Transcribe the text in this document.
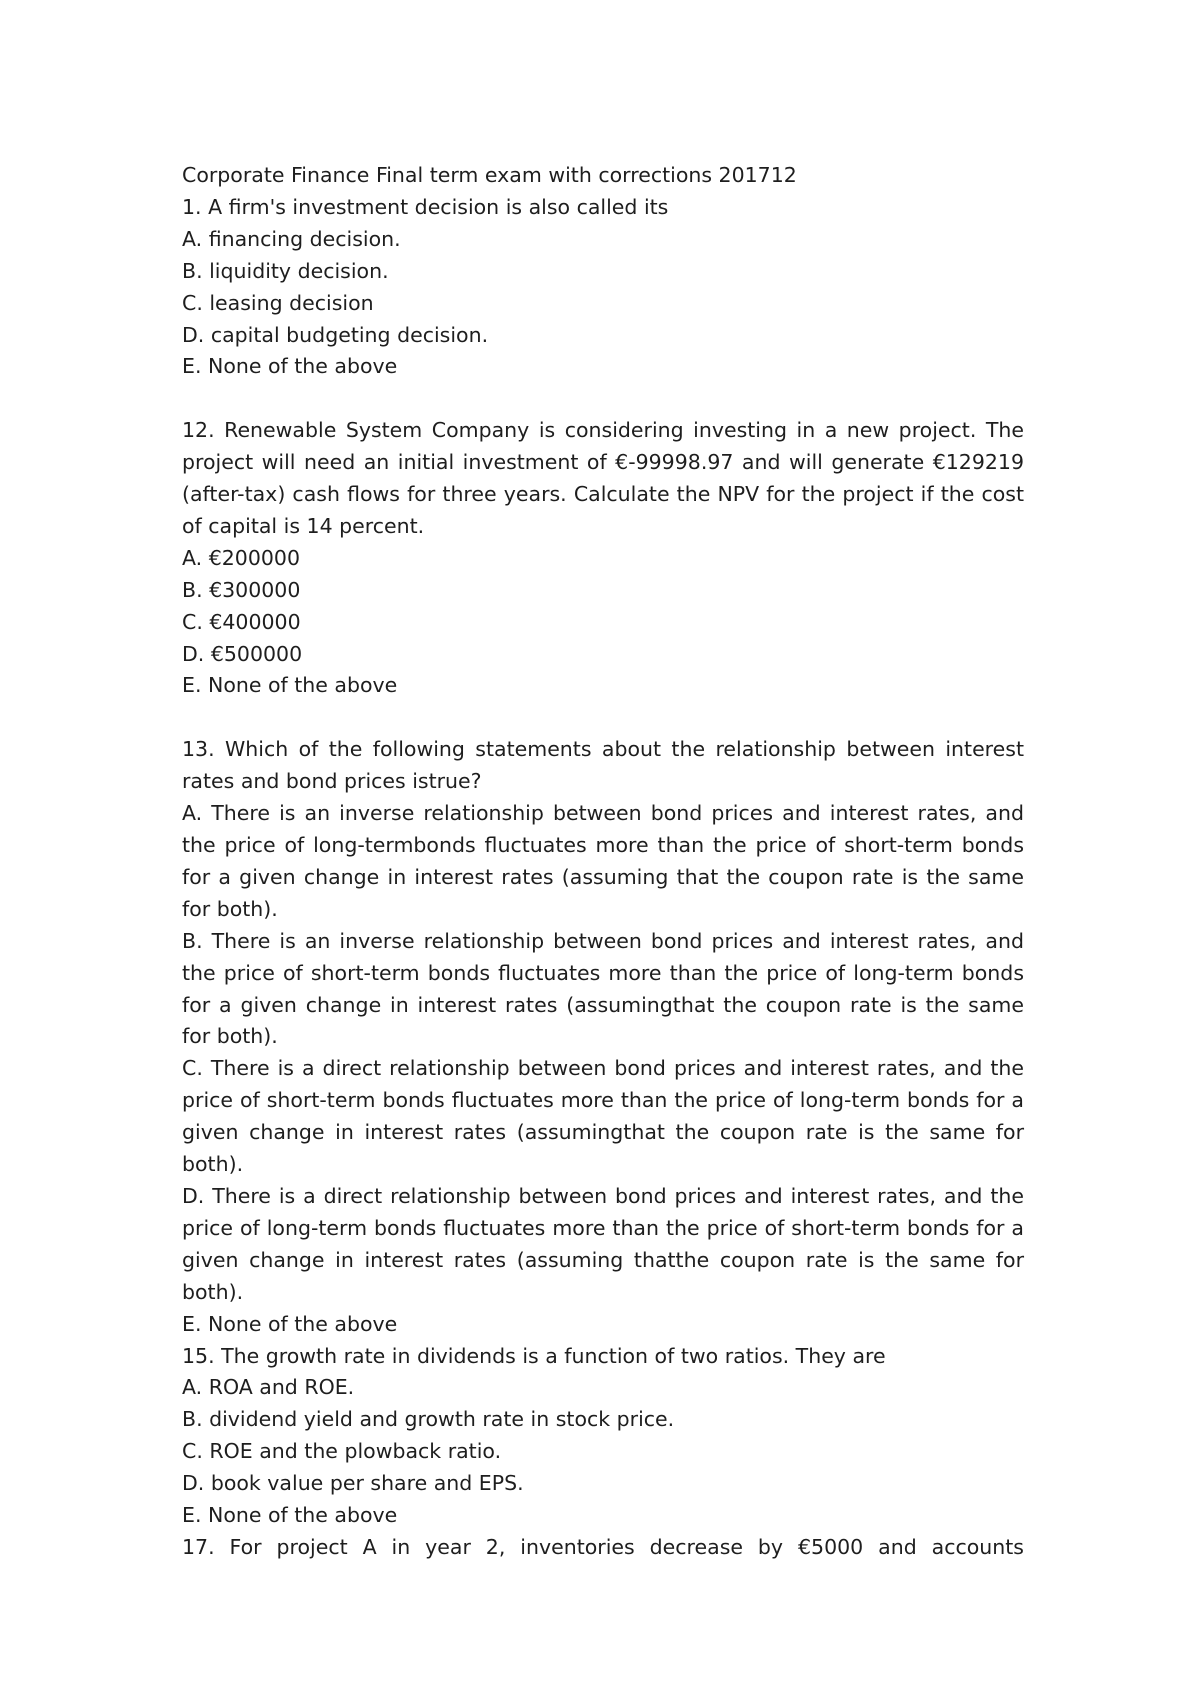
Corporate Finance Final term exam with corrections 201712
1. A firm's investment decision is also called its
A. financing decision.
B. liquidity decision.
C. leasing decision
D. capital budgeting decision.
E. None of the above
12. Renewable System Company is considering investing in a new project. The project will need an initial investment of €-99998.97 and will generate €129219 (after-tax) cash flows for three years. Calculate the NPV for the project if the cost of capital is 14 percent.
A. €200000
B. €300000
C. €400000
D. €500000
E. None of the above
13. Which of the following statements about the relationship between interest rates and bond prices istrue?
A. There is an inverse relationship between bond prices and interest rates, and the price of long-termbonds fluctuates more than the price of short-term bonds for a given change in interest rates (assuming that the coupon rate is the same for both).
B. There is an inverse relationship between bond prices and interest rates, and the price of short-term bonds fluctuates more than the price of long-term bonds for a given change in interest rates (assumingthat the coupon rate is the same for both).
C. There is a direct relationship between bond prices and interest rates, and the price of short-term bonds fluctuates more than the price of long-term bonds for a given change in interest rates (assumingthat the coupon rate is the same for both).
D. There is a direct relationship between bond prices and interest rates, and the price of long-term bonds fluctuates more than the price of short-term bonds for a given change in interest rates (assuming thatthe coupon rate is the same for both).
E. None of the above
15. The growth rate in dividends is a function of two ratios. They are
A. ROA and ROE.
B. dividend yield and growth rate in stock price.
C. ROE and the plowback ratio.
D. book value per share and EPS.
E. None of the above
17. For project A in year 2, inventories decrease by €5000 and accounts
